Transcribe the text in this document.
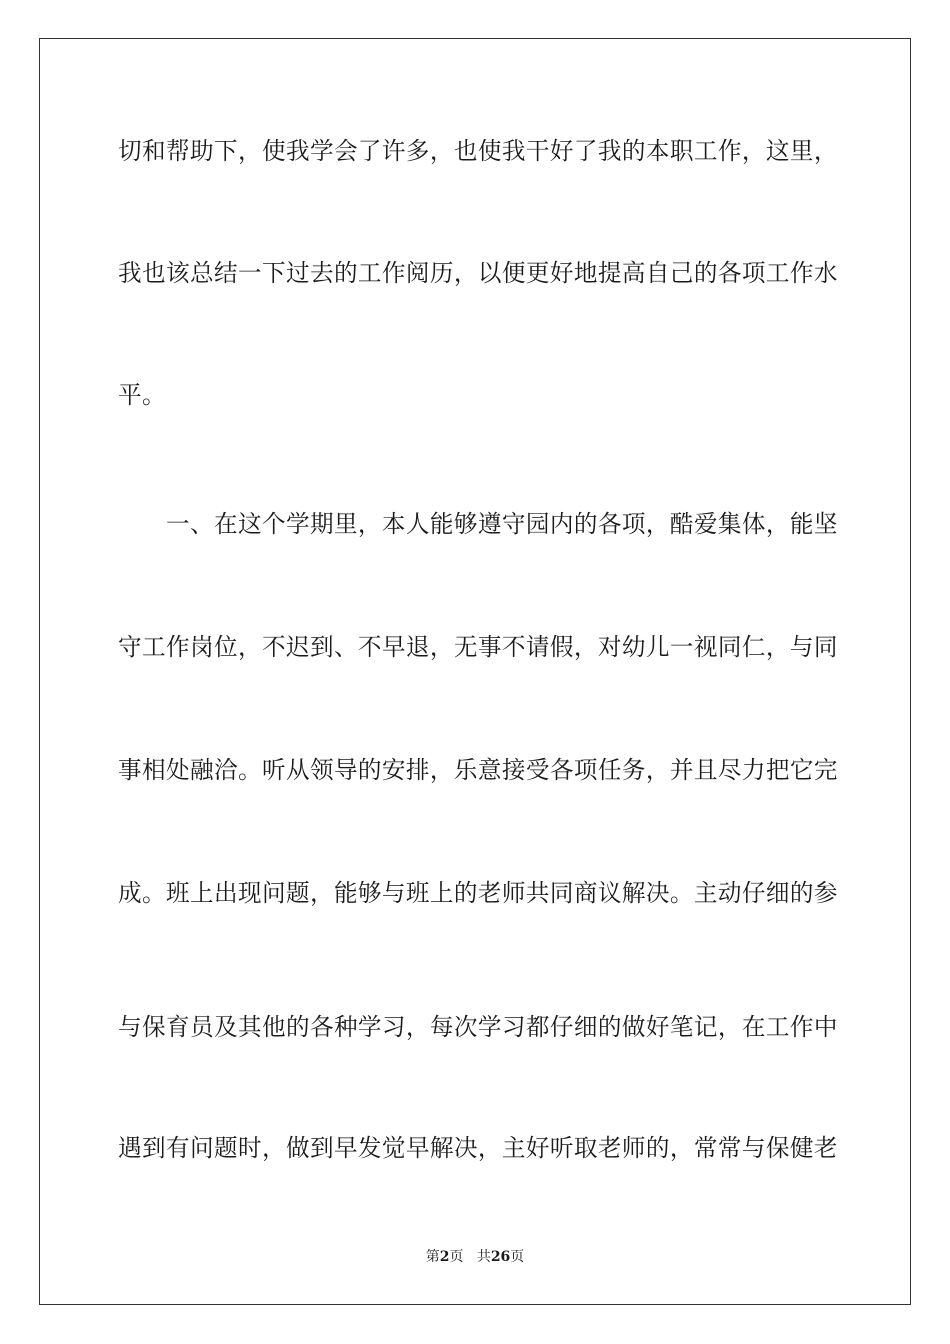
切和帮助下，使我学会了许多，也使我干好了我的本职工作，这里，
我也该总结一下过去的工作阅历，以便更好地提高自己的各项工作水
平。
　　一、在这个学期里，本人能够遵守园内的各项，酷爱集体，能坚
守工作岗位，不迟到、不早退，无事不请假，对幼儿一视同仁，与同
事相处融洽。听从领导的安排，乐意接受各项任务，并且尽力把它完
成。班上出现问题，能够与班上的老师共同商议解决。主动仔细的参
与保育员及其他的各种学习，每次学习都仔细的做好笔记，在工作中
遇到有问题时，做到早发觉早解决，主好听取老师的，常常与保健老
第2页 共26页
